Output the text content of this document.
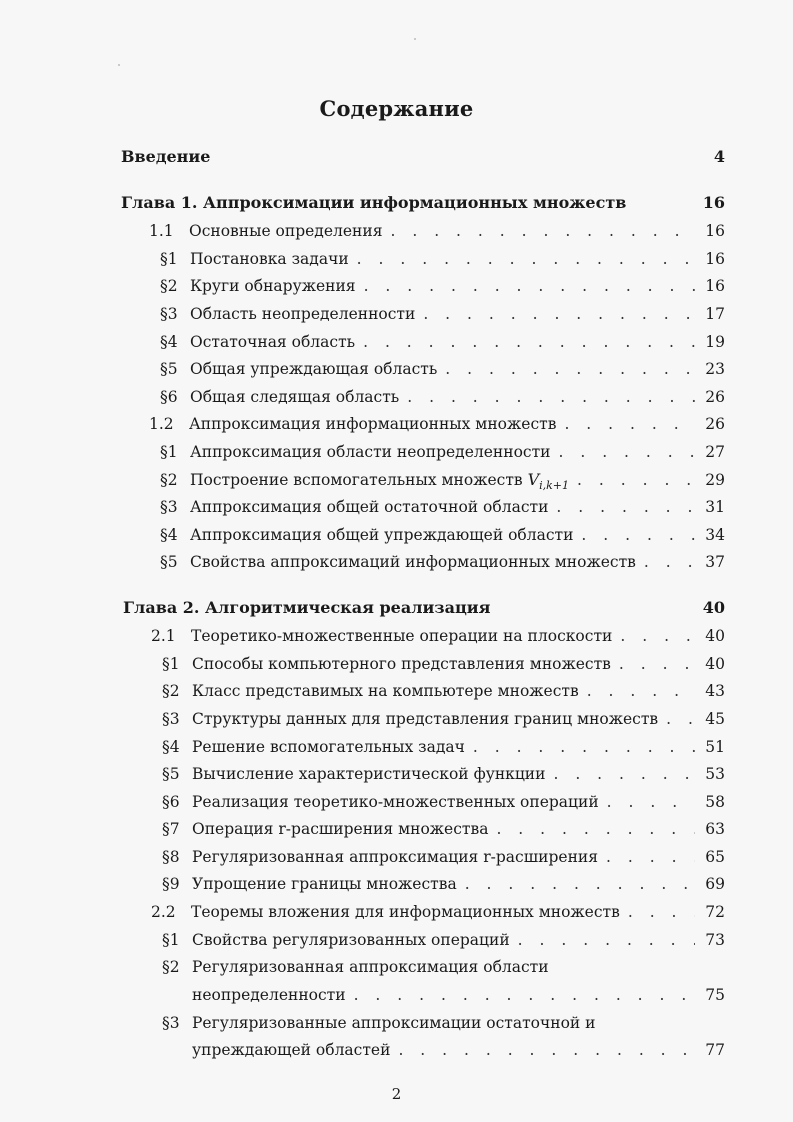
Содержание
Введение	4
Глава 1. Аппроксимации информационных множеств	16
1.1 Основные определения . . .	16
§1 Постановка задачи . . .	16
§2 Круги обнаружения . . .	16
§3 Область неопределенности . . .	17
§4 Остаточная область . . .	19
§5 Общая упреждающая область . . .	23
§6 Общая следящая область . . .	26
1.2 Аппроксимация информационных множеств . . .	26
§1 Аппроксимация области неопределенности . . .	27
§2 Построение вспомогательных множеств $V_{i,k+1}$ . . .	29
§3 Аппроксимация общей остаточной области . . .	31
§4 Аппроксимация общей упреждающей области . . .	34
§5 Свойства аппроксимаций информационных множеств . . .	37
Глава 2. Алгоритмическая реализация	40
2.1 Теоретико-множественные операции на плоскости . . .	40
§1 Способы компьютерного представления множеств . . .	40
§2 Класс представимых на компьютере множеств . . .	43
§3 Структуры данных для представления границ множеств . . .	45
§4 Решение вспомогательных задач . . .	51
§5 Вычисление характеристической функции . . .	53
§6 Реализация теоретико-множественных операций . . .	58
§7 Операция r-расширения множества . . .	63
§8 Регуляризованная аппроксимация r-расширения . . .	65
§9 Упрощение границы множества . . .	69
2.2 Теоремы вложения для информационных множеств . . .	72
§1 Свойства регуляризованных операций . . .	73
§2 Регуляризованная аппроксимация области
неопределенности . . .	75
§3 Регуляризованные аппроксимации остаточной и
упреждающей областей . . .	77
2
